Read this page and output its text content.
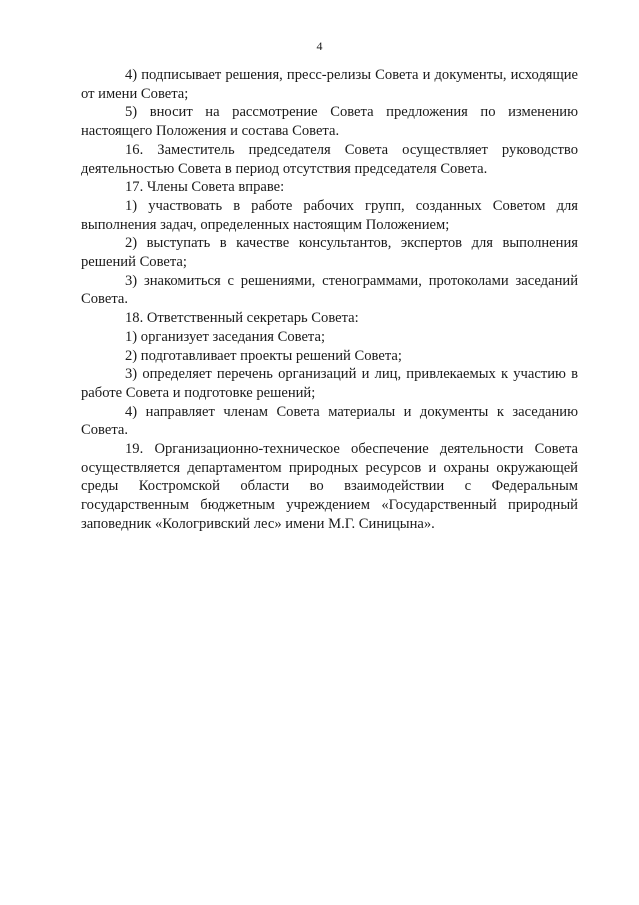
4

4) подписывает решения, пресс-релизы Совета и документы, исходящие от имени Совета;

5) вносит на рассмотрение Совета предложения по изменению настоящего Положения и состава Совета.

16. Заместитель председателя Совета осуществляет руководство деятельностью Совета в период отсутствия председателя Совета.

17. Члены Совета вправе:

1) участвовать в работе рабочих групп, созданных Советом для выполнения задач, определенных настоящим Положением;

2) выступать в качестве консультантов, экспертов для выполнения решений Совета;

3) знакомиться с решениями, стенограммами, протоколами заседаний Совета.

18. Ответственный секретарь Совета:

1) организует заседания Совета;

2) подготавливает проекты решений Совета;

3) определяет перечень организаций и лиц, привлекаемых к участию в работе Совета и подготовке решений;

4) направляет членам Совета материалы и документы к заседанию Совета.

19. Организационно-техническое обеспечение деятельности Совета осуществляется департаментом природных ресурсов и охраны окружающей среды Костромской области во взаимодействии с Федеральным государственным бюджетным учреждением «Государственный природный заповедник «Кологривский лес» имени М.Г. Синицына».
